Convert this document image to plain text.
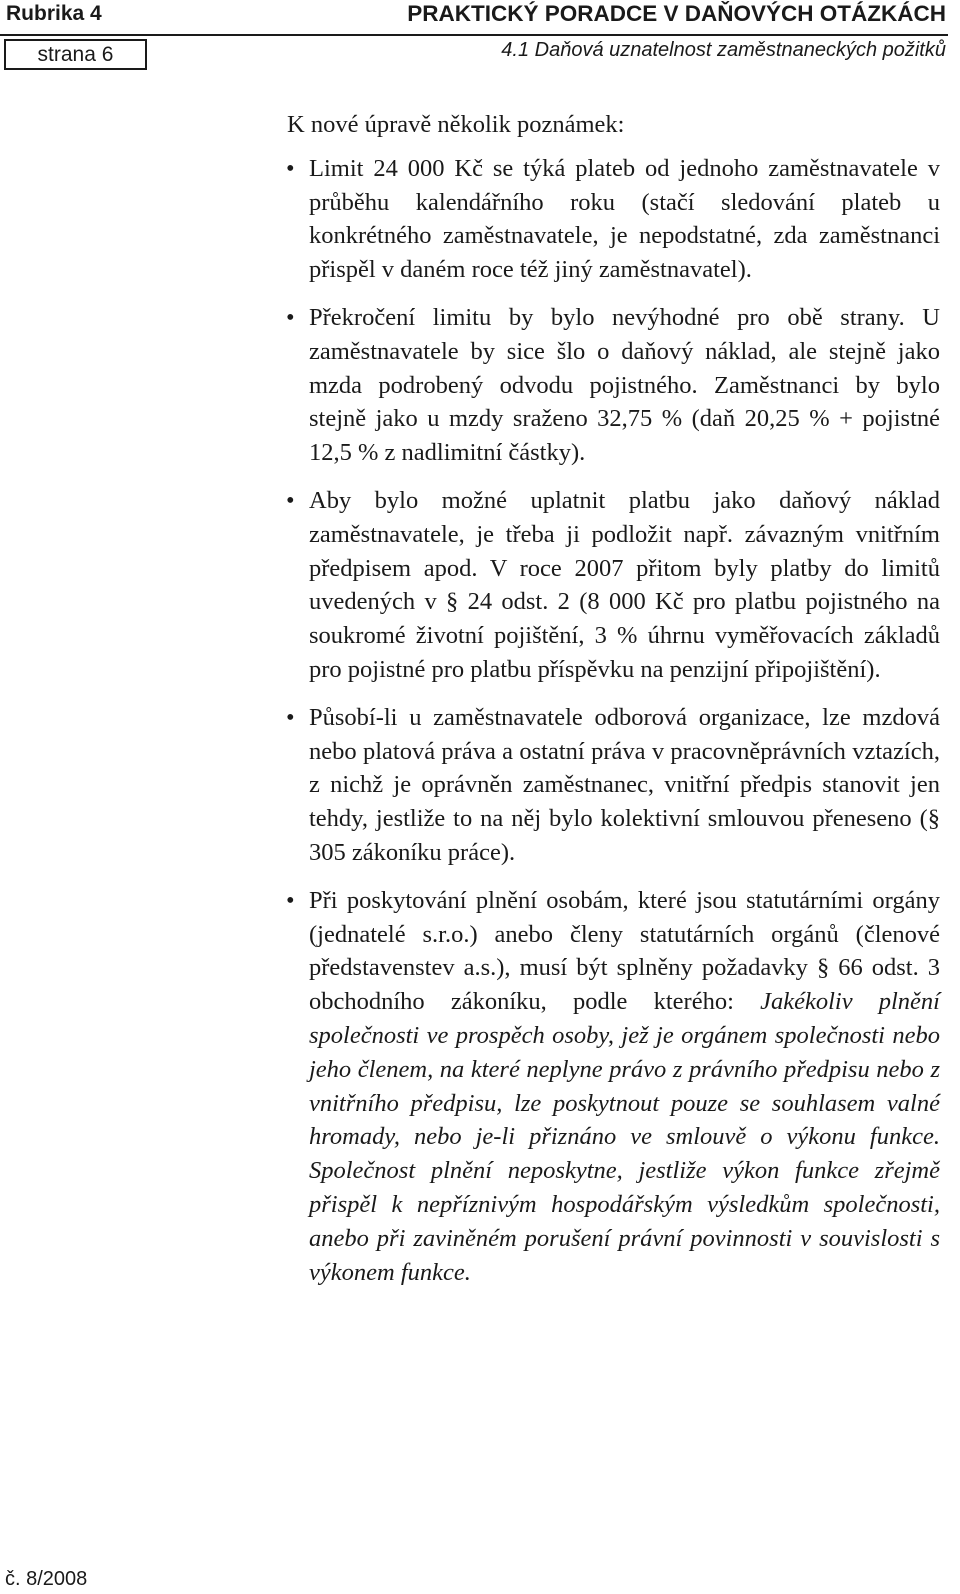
Rubrika 4	PRAKTICKÝ PORADCE V DAŇOVÝCH OTÁZKÁCH
strana 6	4.1 Daňová uznatelnost zaměstnaneckých požitků

K nové úpravě několik poznámek:

• Limit 24 000 Kč se týká plateb od jednoho zaměstnavatele v průběhu kalendářního roku (stačí sledování plateb u konkrétného zaměstnavatele, je nepodstatné, zda zaměstnanci přispěl v daném roce též jiný zaměstnavatel).

• Překročení limitu by bylo nevýhodné pro obě strany. U zaměstnavatele by sice šlo o daňový náklad, ale stejně jako mzda podrobený odvodu pojistného. Zaměstnanci by bylo stejně jako u mzdy sraženo 32,75 % (daň 20,25 % + pojistné 12,5 % z nadlimitní částky).

• Aby bylo možné uplatnit platbu jako daňový náklad zaměstnavatele, je třeba ji podložit např. závazným vnitřním předpisem apod. V roce 2007 přitom byly platby do limitů uvedených v § 24 odst. 2 (8 000 Kč pro platbu pojistného na soukromé životní pojištění, 3 % úhrnu vyměřovacích základů pro pojistné pro platbu příspěvku na penzijní připojištění).

• Působí-li u zaměstnavatele odborová organizace, lze mzdová nebo platová práva a ostatní práva v pracovněprávních vztazích, z nichž je oprávněn zaměstnanec, vnitřní předpis stanovit jen tehdy, jestliže to na něj bylo kolektivní smlouvou přeneseno (§ 305 zákoníku práce).

• Při poskytování plnění osobám, které jsou statutárními orgány (jednatelé s.r.o.) anebo členy statutárních orgánů (členové představenstev a.s.), musí být splněny požadavky § 66 odst. 3 obchodního zákoníku, podle kterého: Jakékoliv plnění společnosti ve prospěch osoby, jež je orgánem společnosti nebo jeho členem, na které neplyne právo z právního předpisu nebo z vnitřního předpisu, lze poskytnout pouze se souhlasem valné hromady, nebo je-li přiznáno ve smlouvě o výkonu funkce. Společnost plnění neposkytne, jestliže výkon funkce zřejmě přispěl k nepříznivým hospodářským výsledkům společnosti, anebo při zaviněném porušení právní povinnosti v souvislosti s výkonem funkce.

č. 8/2008
